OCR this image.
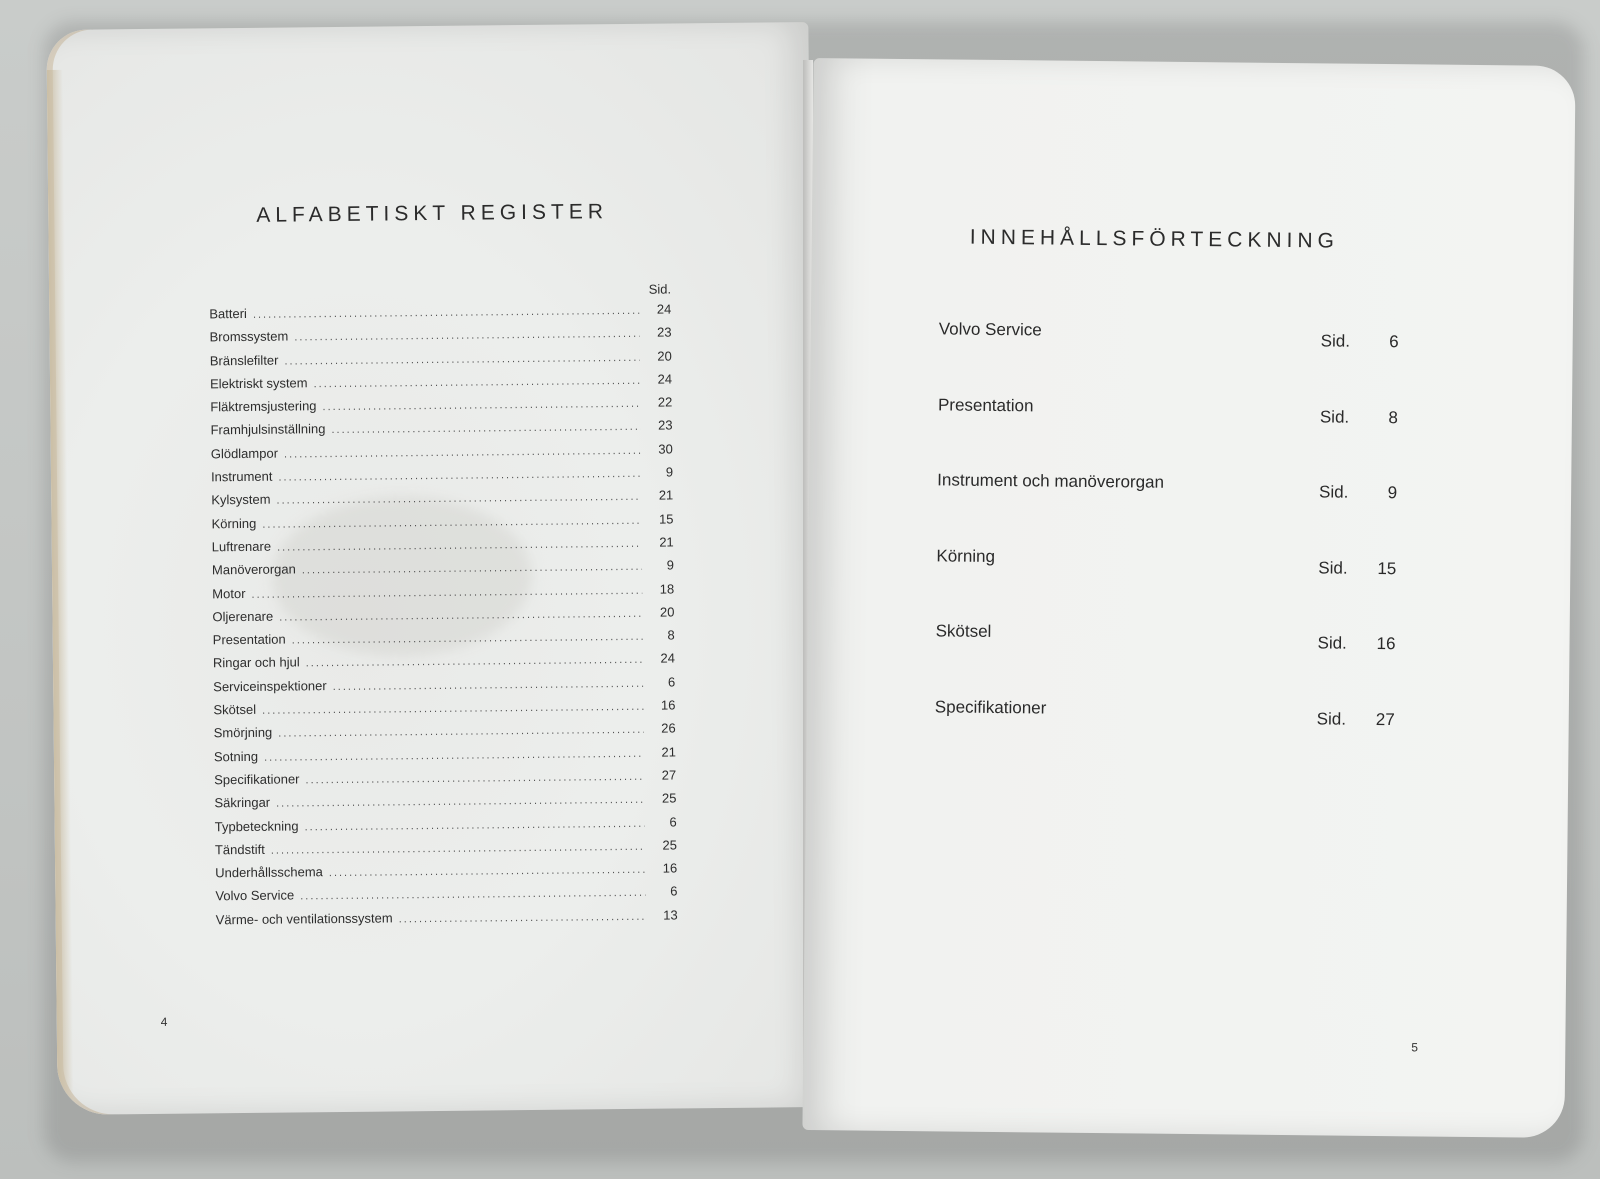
ALFABETISKT REGISTER
Sid.
Batteri .....	24
Bromssystem .....	23
Bränslefilter .....	20
Elektriskt system .....	24
Fläktremsjustering .....	22
Framhjulsinställning .....	23
Glödlampor .....	30
Instrument .....	9
Kylsystem .....	21
Körning .....	15
Luftrenare .....	21
Manöverorgan .....	9
Motor .....	18
Oljerenare .....	20
Presentation .....	8
Ringar och hjul .....	24
Serviceinspektioner .....	6
Skötsel .....	16
Smörjning .....	26
Sotning .....	21
Specifikationer .....	27
Säkringar .....	25
Typbeteckning .....	6
Tändstift .....	25
Underhållsschema .....	16
Volvo Service .....	6
Värme- och ventilationssystem .....	13
4
INNEHÅLLSFÖRTECKNING
Volvo Service
Sid.	6
Presentation
Sid.	8
Instrument och manöverorgan
Sid.	9
Körning
Sid.	15
Skötsel
Sid.	16
Specifikationer
Sid.	27
5
